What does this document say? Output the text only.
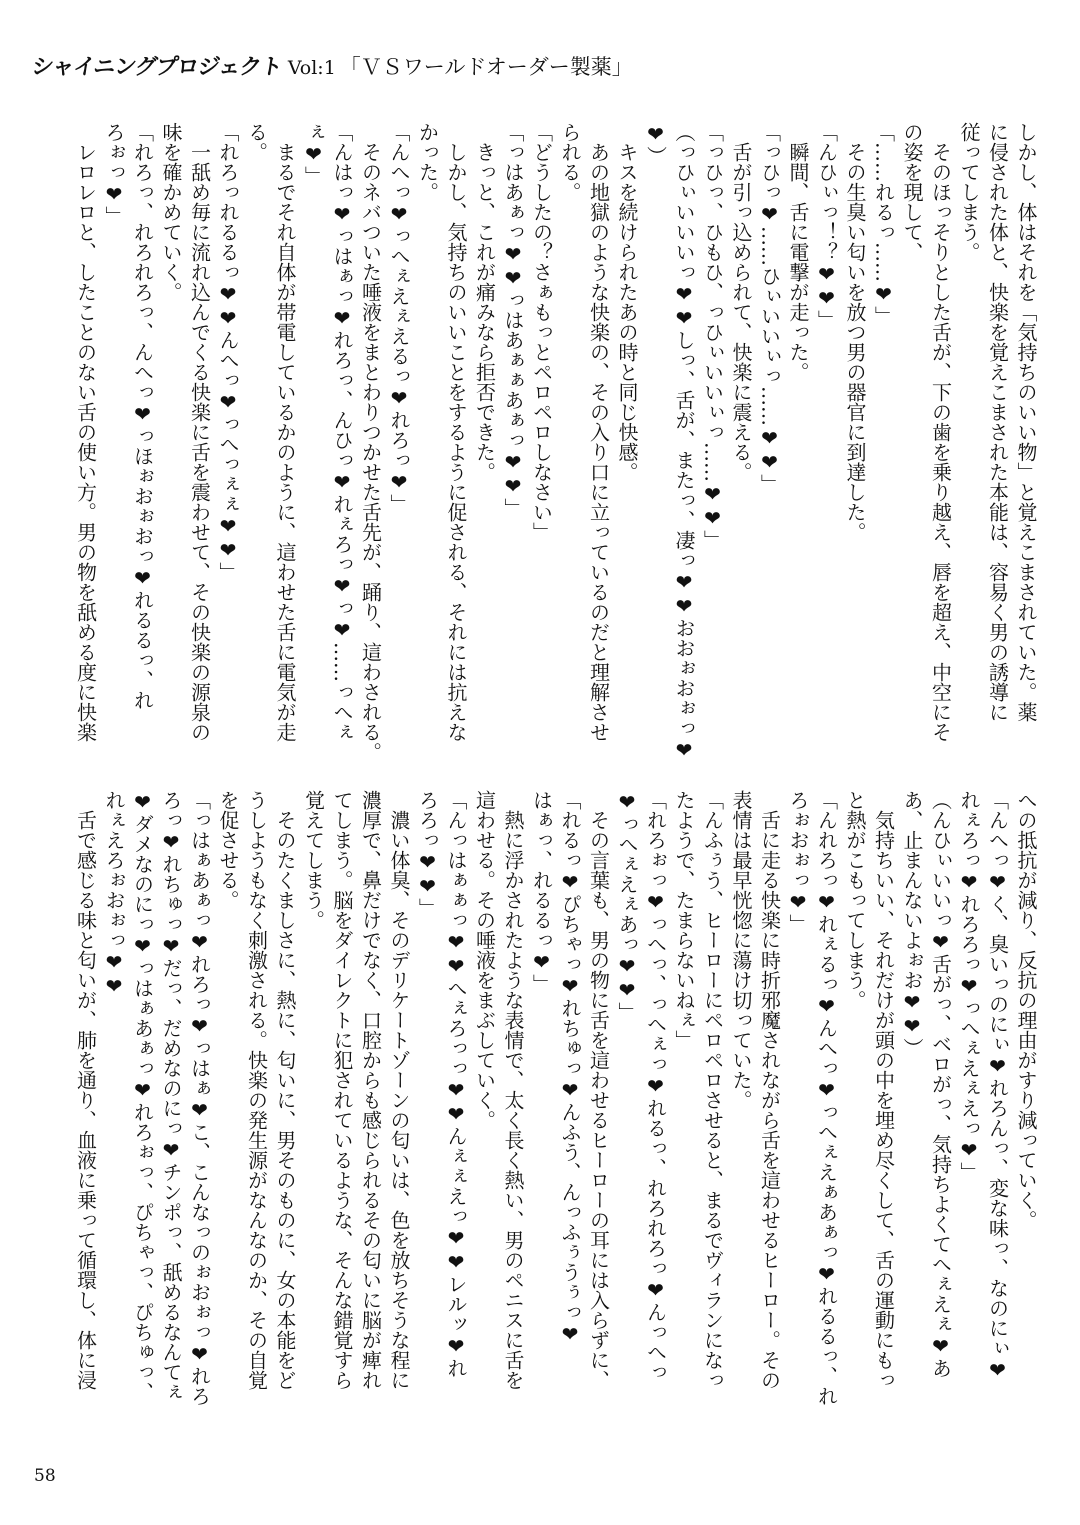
シャイニングプロジェクト Vol:1 「ＶＳワールドオーダー製薬」

しかし、体はそれを「気持ちのいい物」と覚えこまされていた。薬

に侵された体と、快楽を覚えこまされた本能は、容易く男の誘導に

従ってしまう。

　そのほっそりとした舌が、下の歯を乗り越え、唇を超え、中空にそ

の姿を現して、

「……れるっ……❤」

　その生臭い匂いを放つ男の器官に到達した。

「んひぃっ！？❤❤」

　瞬間、舌に電撃が走った。

「っひっ❤……ひぃいいぃっ……❤❤」

　舌が引っ込められて、快楽に震える。

「っひっ、ひもひ、っひぃいいぃっ……❤❤」

（っひぃいいいっ❤❤しっ、舌が、またっ、凄っ❤❤おおぉおぉっ❤

❤）

　キスを続けられたあの時と同じ快感。

　あの地獄のような快楽の、その入り口に立っているのだと理解させ

られる。

「どうしたの？さぁもっとペロペロしなさい」

「っはあぁっ❤❤っはあぁぁあぁっ❤❤」

　きっと、これが痛みなら拒否できた。

　しかし、気持ちのいいことをするように促される、それには抗えな

かった。

「んへっ❤っへぇえぇえるっ❤れろっ❤」

　そのネバついた唾液をまとわりつかせた舌先が、踊り、這わされる。

「んはっ❤っはぁっ❤れろっ、んひっ❤れぇろっ❤っ❤……っへぇ

ぇ❤」

　まるでそれ自体が帯電しているかのように、這わせた舌に電気が走

る。

「れろっれるるっ❤❤んへっ❤っへっぇぇ❤❤」

　一舐め毎に流れ込んでくる快楽に舌を震わせて、その快楽の源泉の

味を確かめていく。

「れろっ、れろれろっ、んへっ❤っほぉおぉおっ❤れるるっ、れ

ろぉっ❤」

　レロレロと、したことのない舌の使い方。男の物を舐める度に快楽

への抵抗が減り、反抗の理由がすり減っていく。

「んへっ❤く、臭いっのにぃ❤れろんっ、変な味っ、なのにぃ❤

れぇろっ❤れろろっ❤っへぇえぇえっ❤」

（んひぃいいっ❤舌がっ、ベロがっ、気持ちよくてへぇえぇ❤あ

あ、止まんないよぉお❤❤）

　気持ちいい、それだけが頭の中を埋め尽くして、舌の運動にもっ

と熱がこもってしまう。

「んれろっ❤れぇるっ❤んへっ❤っへぇえぁあぁっ❤れるるっ、れ

ろぉおぉっ❤」

　舌に走る快楽に時折邪魔されながら舌を這わせるヒーロー。その

表情は最早恍惚に蕩け切っていた。

「んふぅう、ヒーローにペロペロさせると、まるでヴィランになっ

たようで、たまらないねぇ」

「れろぉっ❤っへっ、っへぇっ❤れるっ、れろれろっ❤んっへっ

❤っへぇえぇあっ❤❤」

　その言葉も、男の物に舌を這わせるヒーローの耳には入らずに、

「れるっ❤ぴちゃっ❤れちゅっ❤んふう、んっふぅうぅっ❤

はぁっ、れるるっ❤」

　熱に浮かされたような表情で、太く長く熱い、男のペニスに舌を

這わせる。その唾液をまぶしていく。

「んっはぁぁっ❤❤へぇろっっ❤❤んぇぇえっ❤❤レルッ❤れ

ろろっ❤❤」

　濃い体臭、そのデリケートゾーンの匂いは、色を放ちそうな程に

濃厚で、鼻だけでなく、口腔からも感じられるその匂いに脳が痺れ

てしまう。脳をダイレクトに犯されているような、そんな錯覚すら

覚えてしまう。

　そのたくましさに、熱に、匂いに、男そのものに、女の本能をど

うしようもなく刺激される。快楽の発生源がなんなのか、その自覚

を促させる。

「っはぁあぁっ❤れろっ❤っはぁ❤こ、こんなっのぉおぉっ❤れろ

ろっ❤れちゅっ❤だっ、だめなのにっ❤チンポっ、舐めるなんてぇ

❤ダメなのにっ❤っはぁあぁっ❤れろぉっ、ぴちゃっ、ぴちゅっ、

れぇえろぉおぉっ❤❤

　舌で感じる味と匂いが、肺を通り、血液に乗って循環し、体に浸

58
